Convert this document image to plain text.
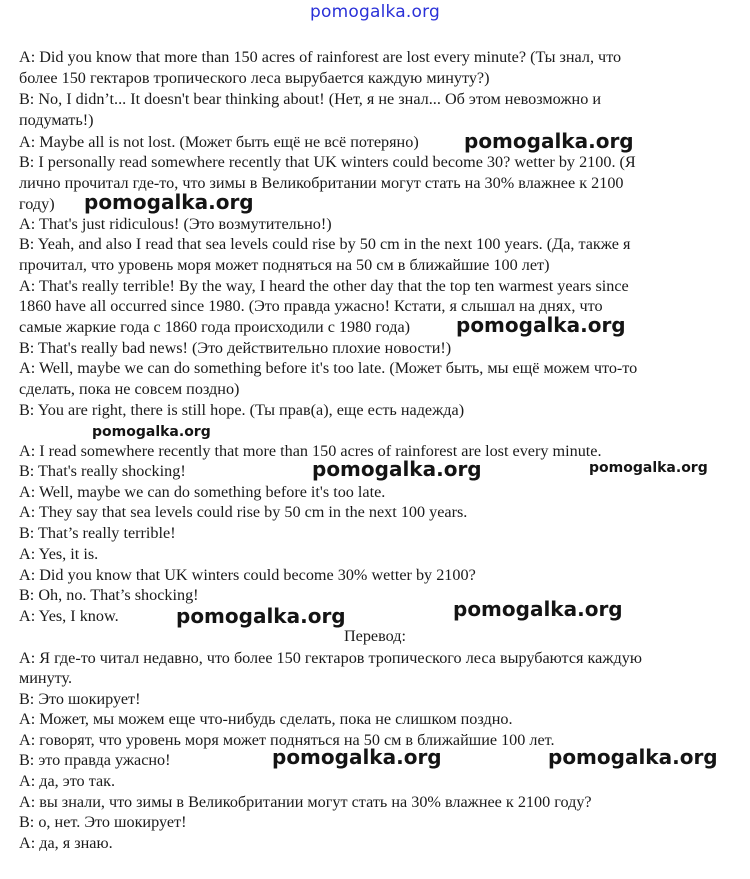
pomogalka.org
A: Did you know that more than 150 acres of rainforest are lost every minute? (Ты знал, что
более 150 гектаров тропического леса вырубается каждую минуту?)
B: No, I didn’t... It doesn't bear thinking about! (Нет, я не знал... Об этом невозможно и
подумать!)
A: Maybe all is not lost. (Может быть ещё не всё потеряно)
B: I personally read somewhere recently that UK winters could become 30? wetter by 2100. (Я
лично прочитал где-то, что зимы в Великобритании могут стать на 30% влажнее к 2100
году)
A: That's just ridiculous! (Это возмутительно!)
B: Yeah, and also I read that sea levels could rise by 50 cm in the next 100 years. (Да, также я
прочитал, что уровень моря может подняться на 50 см в ближайшие 100 лет)
A: That's really terrible! By the way, I heard the other day that the top ten warmest years since
1860 have all occurred since 1980. (Это правда ужасно! Кстати, я слышал на днях, что
самые жаркие года с 1860 года происходили с 1980 года)
B: That's really bad news! (Это действительно плохие новости!)
A: Well, maybe we can do something before it's too late. (Может быть, мы ещё можем что-то
сделать, пока не совсем поздно)
B: You are right, there is still hope. (Ты прав(а), еще есть надежда)
A: I read somewhere recently that more than 150 acres of rainforest are lost every minute.
B: That's really shocking!
A: Well, maybe we can do something before it's too late.
A: They say that sea levels could rise by 50 cm in the next 100 years.
B: That’s really terrible!
A: Yes, it is.
A: Did you know that UK winters could become 30% wetter by 2100?
B: Oh, no. That’s shocking!
A: Yes, I know.
Перевод:
A: Я где-то читал недавно, что более 150 гектаров тропического леса вырубаются каждую
минуту.
B: Это шокирует!
A: Может, мы можем еще что-нибудь сделать, пока не слишком поздно.
A: говорят, что уровень моря может подняться на 50 см в ближайшие 100 лет.
B: это правда ужасно!
A: да, это так.
A: вы знали, что зимы в Великобритании могут стать на 30% влажнее к 2100 году?
B: о, нет. Это шокирует!
A: да, я знаю.
pomogalka.org
pomogalka.org
pomogalka.org
pomogalka.org
pomogalka.org	pomogalka.org
pomogalka.org
pomogalka.org
pomogalka.org	pomogalka.org
